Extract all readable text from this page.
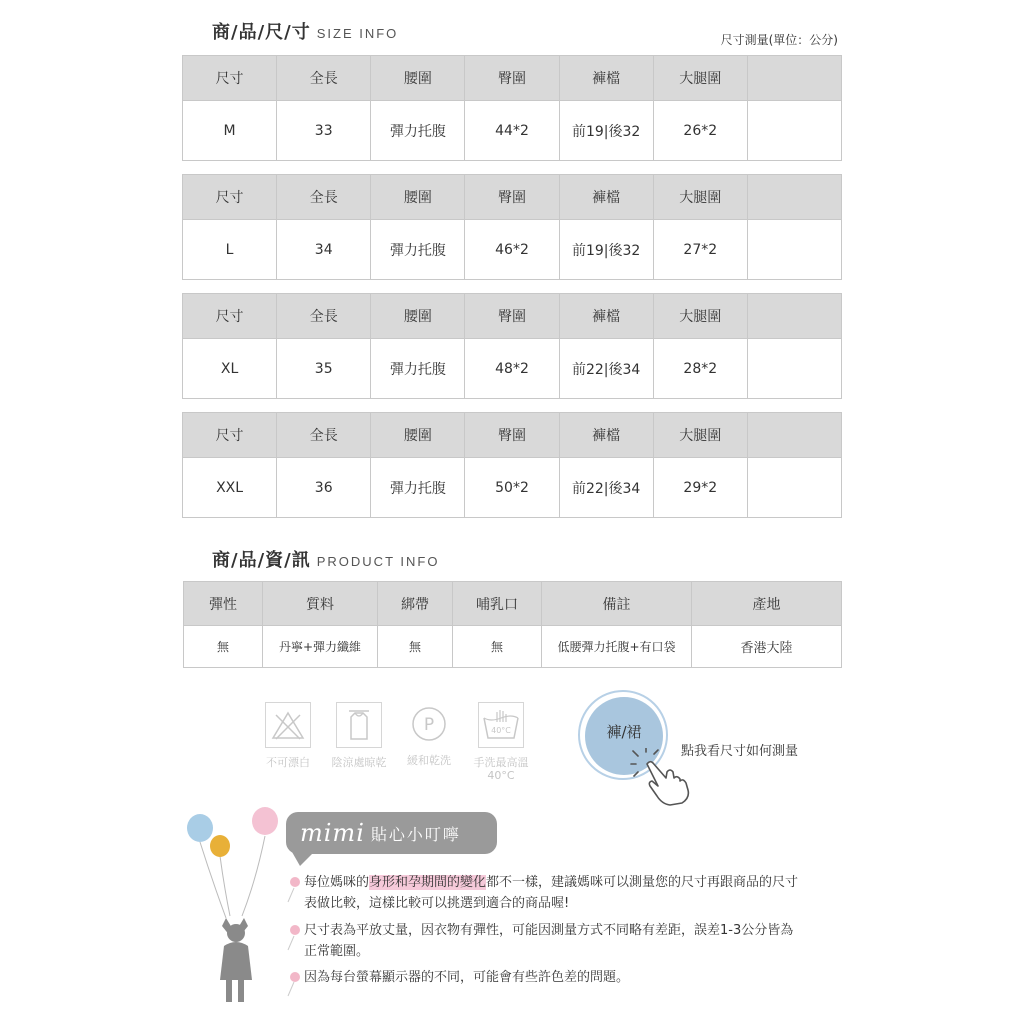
商/品/尺/寸 SIZE INFO	尺寸測量(單位：公分)
尺寸	全長	腰圍	臀圍	褲檔	大腿圍	
M	33	彈力托腹	44*2	前19|後32	26*2	
尺寸	全長	腰圍	臀圍	褲檔	大腿圍	
L	34	彈力托腹	46*2	前19|後32	27*2	
尺寸	全長	腰圍	臀圍	褲檔	大腿圍	
XL	35	彈力托腹	48*2	前22|後34	28*2	
尺寸	全長	腰圍	臀圍	褲檔	大腿圍	
XXL	36	彈力托腹	50*2	前22|後34	29*2	
商/品/資/訊 PRODUCT INFO
彈性	質料	綁帶	哺乳口	備註	產地
無	丹寧+彈力纖維	無	無	低腰彈力托腹+有口袋	香港大陸
不可漂白	陰涼處晾乾
P
緩和乾洗
40°C
手洗最高溫
40°C
褲/裙
點我看尺寸如何測量
mimi 貼心小叮嚀
每位媽咪的身形和孕期間的變化都不一樣，建議媽咪可以測量您的尺寸再跟商品的尺寸
表做比較，這樣比較可以挑選到適合的商品喔!
尺寸表為平放丈量，因衣物有彈性，可能因測量方式不同略有差距，誤差1-3公分皆為
正常範圍。
因為每台螢幕顯示器的不同，可能會有些許色差的問題。
